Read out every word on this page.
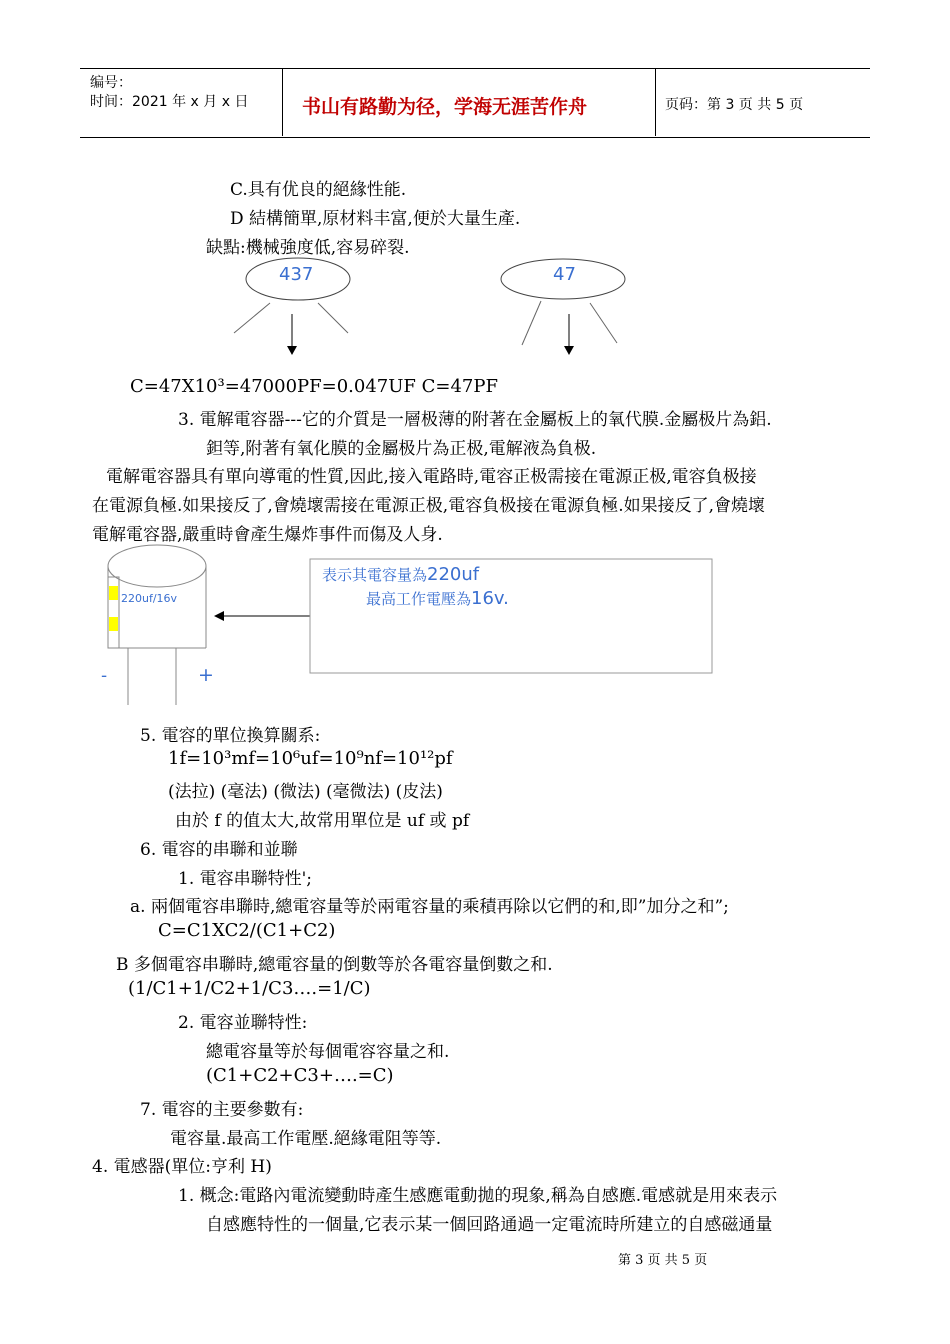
编号：
时间：2021 年 x 月 x 日	书山有路勤为径，学海无涯苦作舟	页码：第 3 页 共 5 页
437	47
C.具有优良的絕緣性能.
D 結構簡單,原材料丰富,便於大量生產.
缺點:機械強度低,容易碎裂.
C=47X10³=47000PF=0.047UF C=47PF
3. 電解電容器---它的介質是一層极薄的附著在金屬板上的氧代膜.金屬极片為鋁.
鉭等,附著有氧化膜的金屬极片為正极,電解液為負极.
電解電容器具有單向導電的性質,因此,接入電路時,電容正极需接在電源正极,電容負极接
在電源負極.如果接反了,會燒壞需接在電源正极,電容負极接在電源負極.如果接反了,會燒壞
電解電容器,嚴重時會產生爆炸事件而傷及人身.
220uf/16v
-	+
表示其電容量為220uf
最高工作電壓為16v.
5. 電容的單位換算關系:
1f=10³mf=10⁶uf=10⁹nf=10¹²pf
(法拉) (毫法) (微法) (毫微法) (皮法)
由於 f 的值太大,故常用單位是 uf 或 pf
6. 電容的串聯和並聯
1. 電容串聯特性';
a. 兩個電容串聯時,總電容量等於兩電容量的乘積再除以它們的和,即”加分之和”;
C=C1XC2/(C1+C2)
B 多個電容串聯時,總電容量的倒數等於各電容量倒數之和.
(1/C1+1/C2+1/C3….=1/C)
2. 電容並聯特性:
總電容量等於每個電容容量之和.
(C1+C2+C3+….=C)
7. 電容的主要參數有:
電容量.最高工作電壓.絕緣電阻等等.
4. 電感器(單位:亨利 H)
1. 概念:電路內電流變動時產生感應電動拋的現象,稱為自感應.電感就是用來表示
自感應特性的一個量,它表示某一個回路通過一定電流時所建立的自感磁通量
第 3 页 共 5 页
